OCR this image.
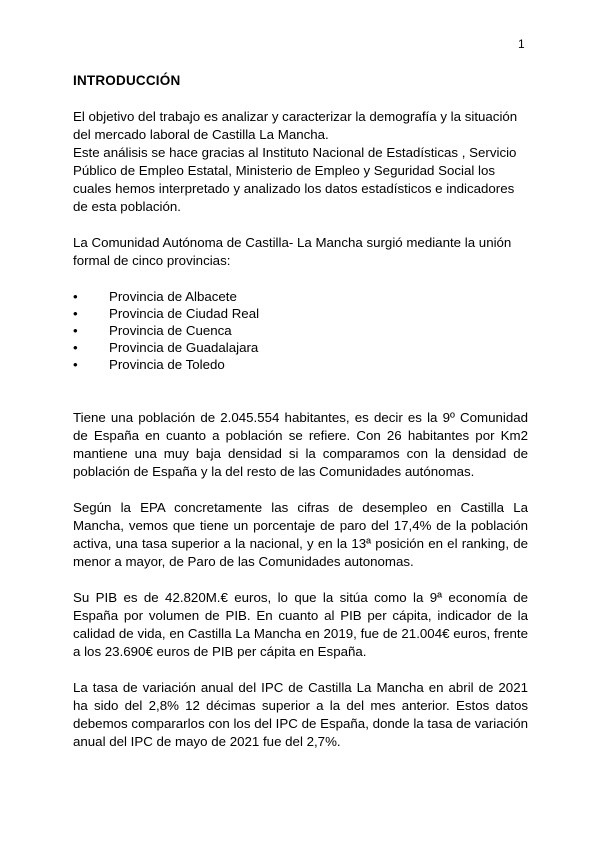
1
INTRODUCCIÓN

El objetivo del trabajo es analizar y caracterizar la demografía y la situación del mercado laboral de Castilla La Mancha.

Este análisis se hace gracias al Instituto Nacional de Estadísticas , Servicio Público de Empleo Estatal, Ministerio de Empleo y Seguridad Social los cuales hemos interpretado y analizado los datos estadísticos e indicadores de esta población.

La Comunidad Autónoma de Castilla- La Mancha surgió mediante la unión formal de cinco provincias:

•	Provincia de Albacete
•	Provincia de Ciudad Real
•	Provincia de Cuenca
•	Provincia de Guadalajara
•	Provincia de Toledo

Tiene una población de 2.045.554 habitantes, es decir es la 9º Comunidad de España en cuanto a población se refiere. Con 26 habitantes por Km2 mantiene una muy baja densidad si la comparamos con la densidad de población de España y la del resto de las Comunidades autónomas.

Según la EPA concretamente las cifras de desempleo en Castilla La Mancha, vemos que tiene un porcentaje de paro del 17,4% de la población activa, una tasa superior a la nacional, y en la 13ª posición en el ranking, de menor a mayor, de Paro de las Comunidades autonomas.

Su PIB es de 42.820M.€ euros, lo que la sitúa como la 9ª economía de España por volumen de PIB. En cuanto al PIB per cápita, indicador de la calidad de vida, en Castilla La Mancha en 2019, fue de 21.004€ euros, frente a los 23.690€ euros de PIB per cápita en España.

La tasa de variación anual del IPC de Castilla La Mancha en abril de 2021 ha sido del 2,8% 12 décimas superior a la del mes anterior. Estos datos debemos compararlos con los del IPC de España, donde la tasa de variación anual del IPC de mayo de 2021 fue del 2,7%.
